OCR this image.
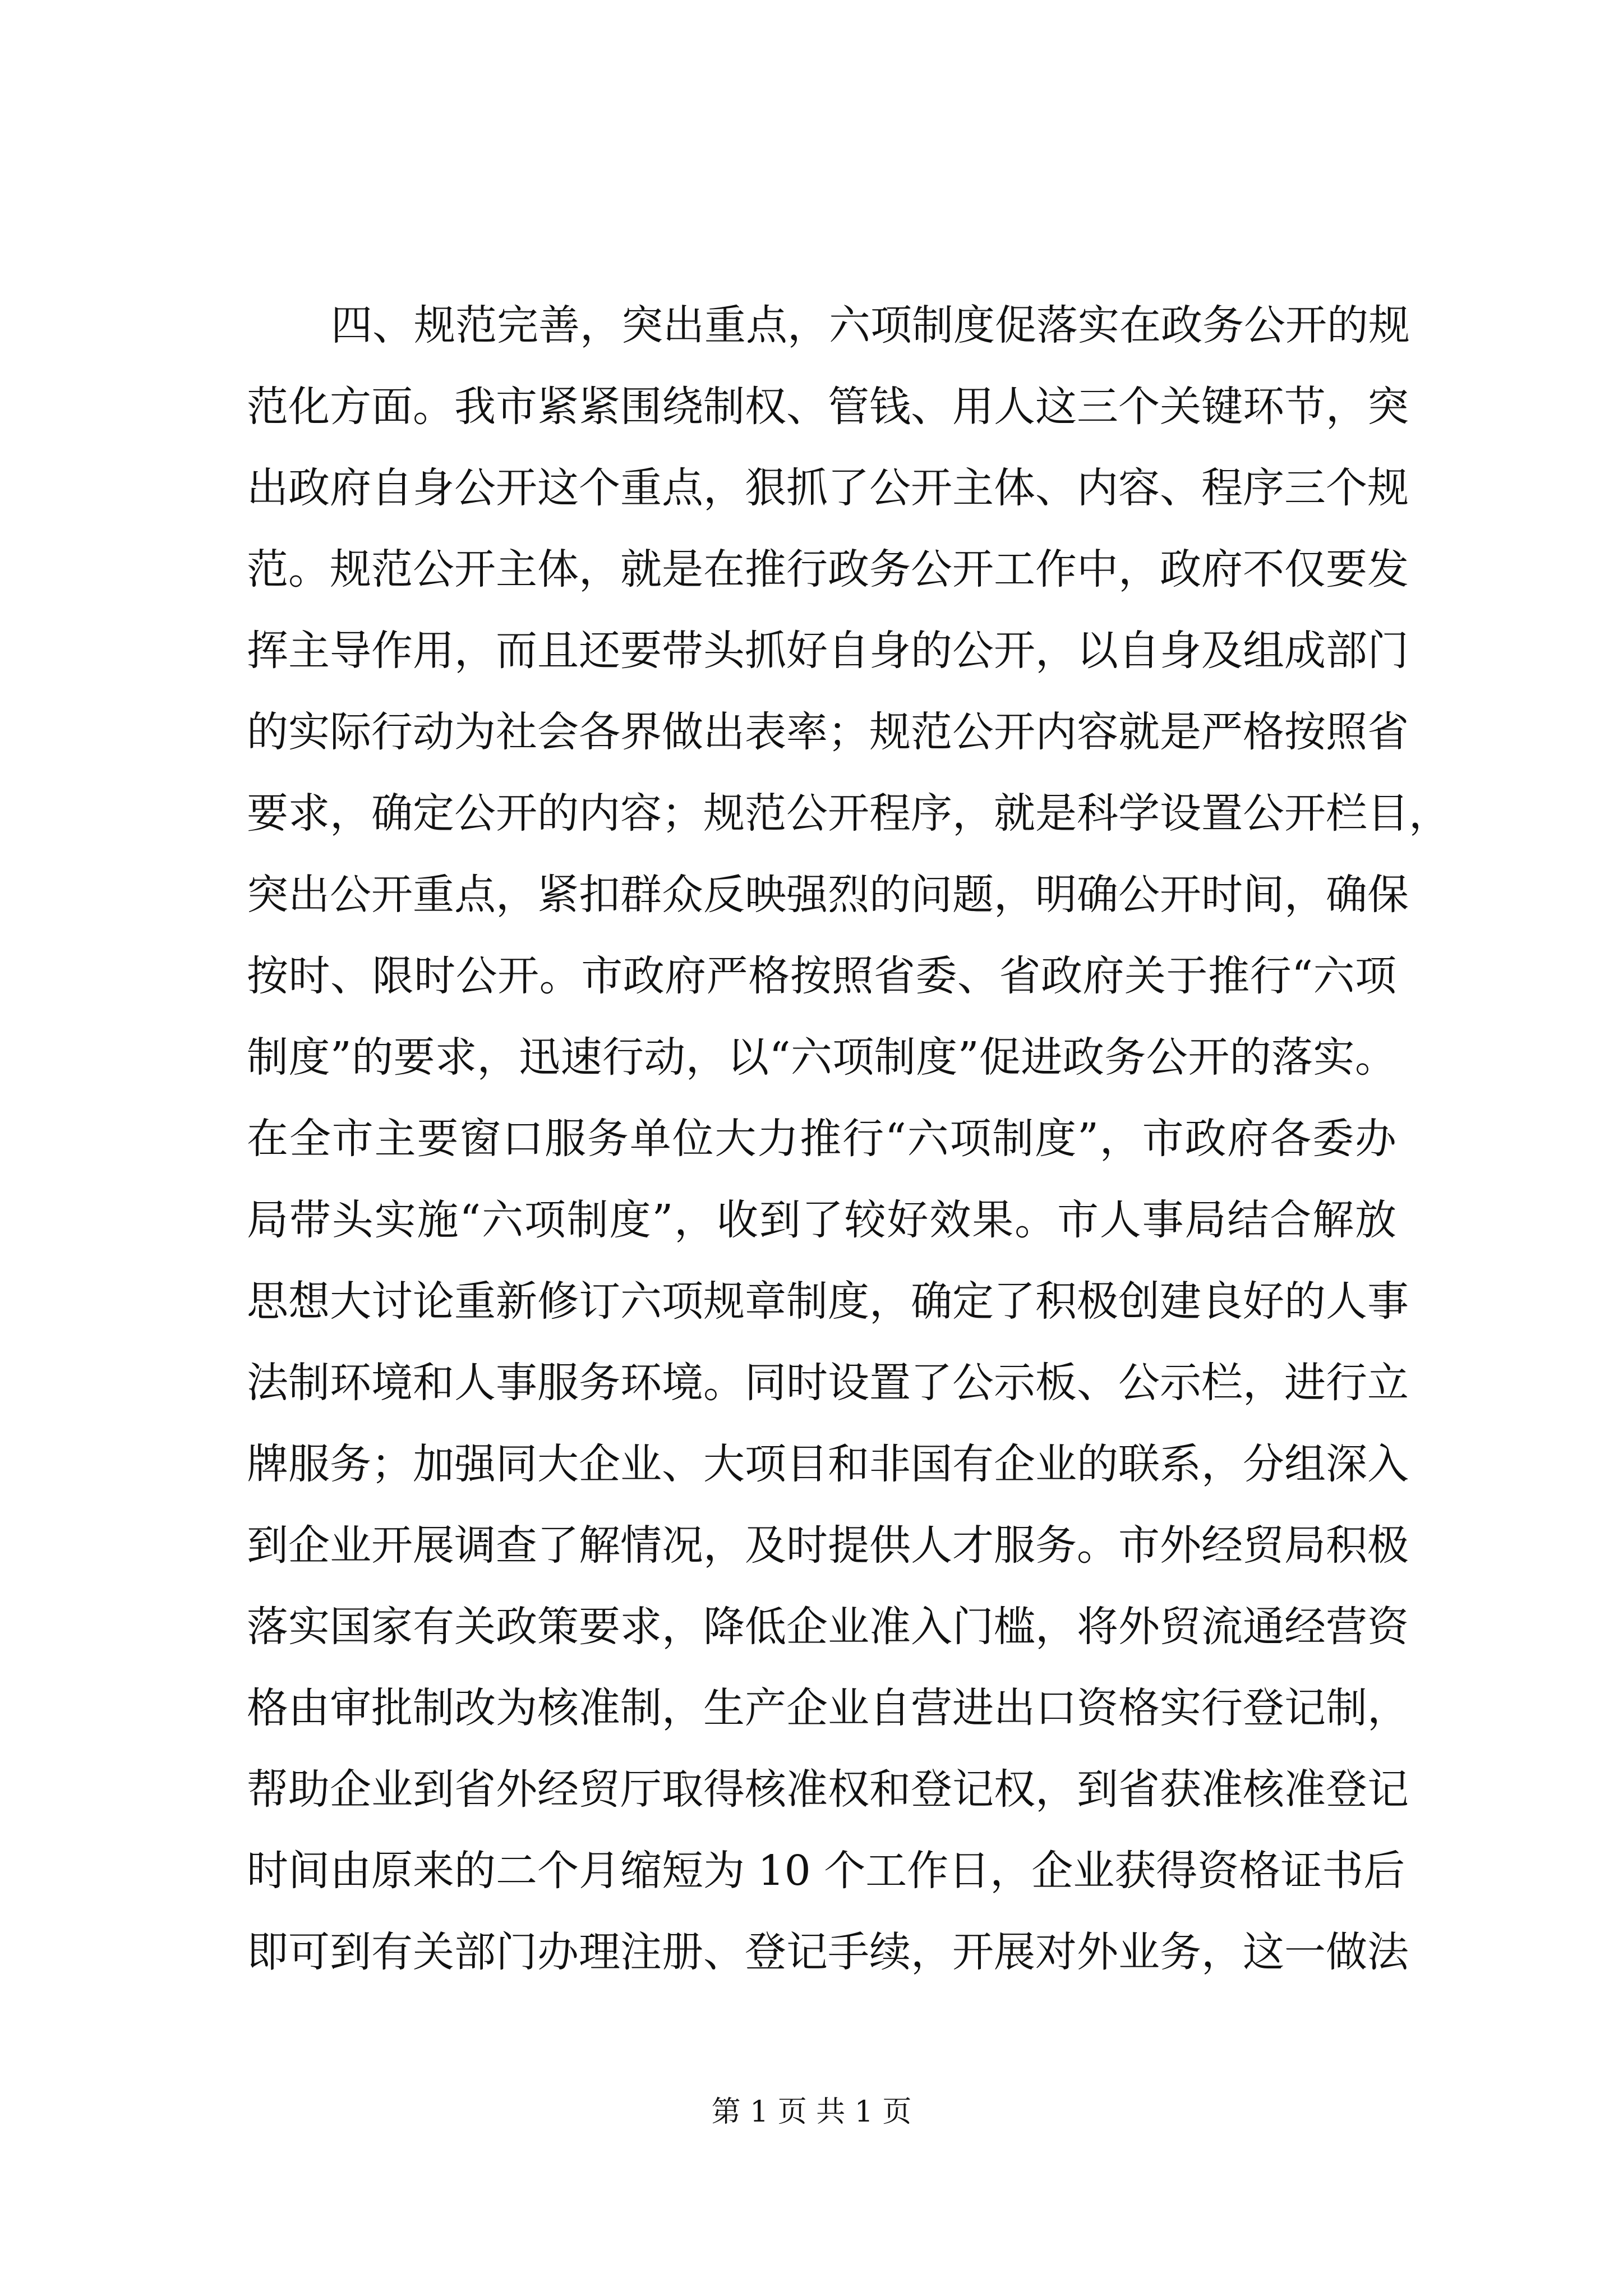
四、规范完善，突出重点，六项制度促落实在政务公开的规
范化方面。我市紧紧围绕制权、管钱、用人这三个关键环节，突
出政府自身公开这个重点，狠抓了公开主体、内容、程序三个规
范。规范公开主体，就是在推行政务公开工作中，政府不仅要发
挥主导作用，而且还要带头抓好自身的公开，以自身及组成部门
的实际行动为社会各界做出表率；规范公开内容就是严格按照省
要求，确定公开的内容；规范公开程序，就是科学设置公开栏目，
突出公开重点，紧扣群众反映强烈的问题，明确公开时间，确保
按时、限时公开。市政府严格按照省委、省政府关于推行“六项
制度”的要求，迅速行动，以“六项制度”促进政务公开的落实。
在全市主要窗口服务单位大力推行“六项制度”，市政府各委办
局带头实施“六项制度”，收到了较好效果。市人事局结合解放
思想大讨论重新修订六项规章制度，确定了积极创建良好的人事
法制环境和人事服务环境。同时设置了公示板、公示栏，进行立
牌服务；加强同大企业、大项目和非国有企业的联系，分组深入
到企业开展调查了解情况，及时提供人才服务。市外经贸局积极
落实国家有关政策要求，降低企业准入门槛，将外贸流通经营资
格由审批制改为核准制，生产企业自营进出口资格实行登记制，
帮助企业到省外经贸厅取得核准权和登记权，到省获准核准登记
时间由原来的二个月缩短为 10 个工作日，企业获得资格证书后
即可到有关部门办理注册、登记手续，开展对外业务，这一做法
第 1 页 共 1 页
